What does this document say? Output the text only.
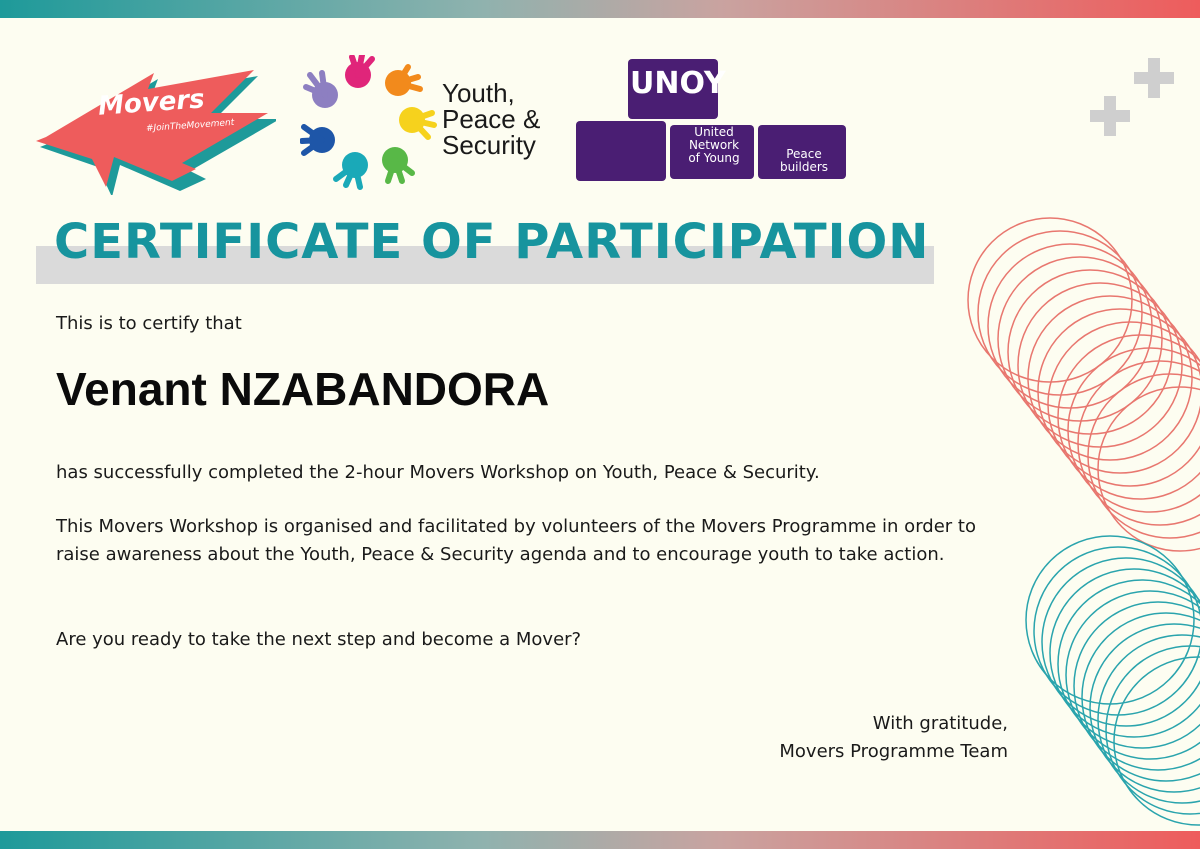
Movers
#JoinTheMovement
Youth,
Peace &
Security
UNOY
United
Network
of Young	Peace
builders
CERTIFICATE OF PARTICIPATION
This is to certify that
Venant NZABANDORA
has successfully completed the 2-hour Movers Workshop on Youth, Peace & Security.
This Movers Workshop is organised and facilitated by volunteers of the Movers Programme in order to raise awareness about the Youth, Peace & Security agenda and to encourage youth to take action.
Are you ready to take the next step and become a Mover?
With gratitude,
Movers Programme Team
